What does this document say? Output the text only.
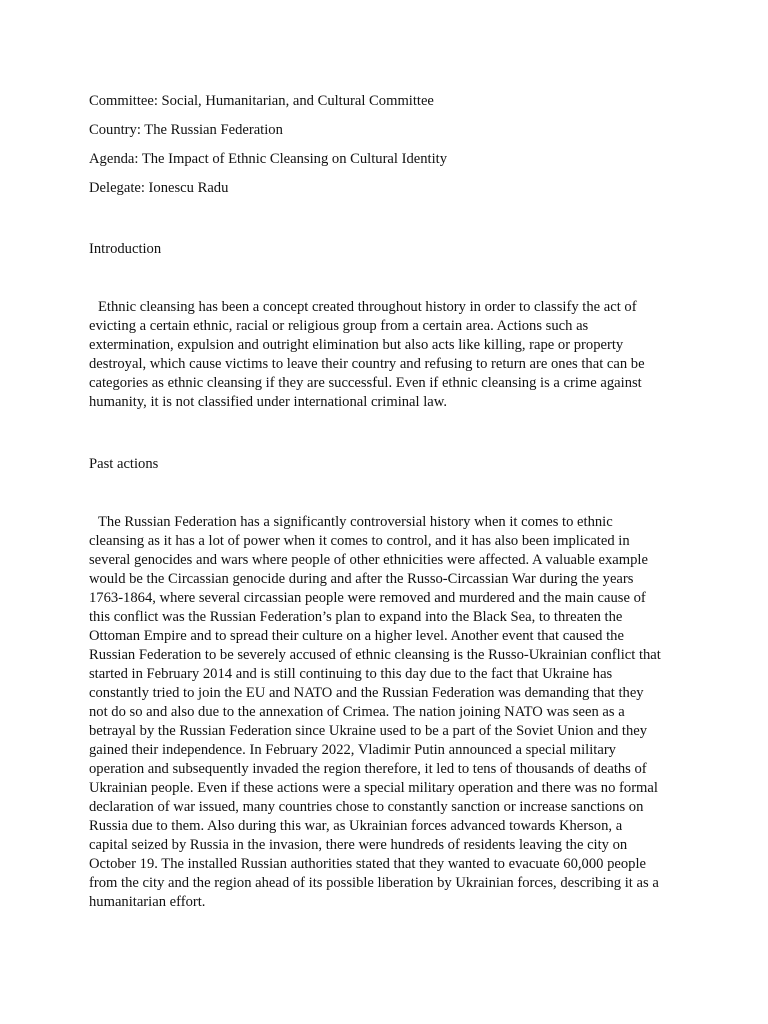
Committee: Social, Humanitarian, and Cultural Committee
Country: The Russian Federation
Agenda: The Impact of Ethnic Cleansing on Cultural Identity
Delegate: Ionescu Radu
Introduction
Ethnic cleansing has been a concept created throughout history in order to classify the act of
evicting a certain ethnic, racial or religious group from a certain area. Actions such as
extermination, expulsion and outright elimination but also acts like killing, rape or property
destroyal, which cause victims to leave their country and refusing to return are ones that can be
categories as ethnic cleansing if they are successful. Even if ethnic cleansing is a crime against
humanity, it is not classified under international criminal law.
Past actions
The Russian Federation has a significantly controversial history when it comes to ethnic
cleansing as it has a lot of power when it comes to control, and it has also been implicated in
several genocides and wars where people of other ethnicities were affected. A valuable example
would be the Circassian genocide during and after the Russo-Circassian War during the years
1763-1864, where several circassian people were removed and murdered and the main cause of
this conflict was the Russian Federation’s plan to expand into the Black Sea, to threaten the
Ottoman Empire and to spread their culture on a higher level. Another event that caused the
Russian Federation to be severely accused of ethnic cleansing is the Russo-Ukrainian conflict that
started in February 2014 and is still continuing to this day due to the fact that Ukraine has
constantly tried to join the EU and NATO and the Russian Federation was demanding that they
not do so and also due to the annexation of Crimea. The nation joining NATO was seen as a
betrayal by the Russian Federation since Ukraine used to be a part of the Soviet Union and they
gained their independence. In February 2022, Vladimir Putin announced a special military
operation and subsequently invaded the region therefore, it led to tens of thousands of deaths of
Ukrainian people. Even if these actions were a special military operation and there was no formal
declaration of war issued, many countries chose to constantly sanction or increase sanctions on
Russia due to them. Also during this war, as Ukrainian forces advanced towards Kherson, a
capital seized by Russia in the invasion, there were hundreds of residents leaving the city on
October 19. The installed Russian authorities stated that they wanted to evacuate 60,000 people
from the city and the region ahead of its possible liberation by Ukrainian forces, describing it as a
humanitarian effort.
